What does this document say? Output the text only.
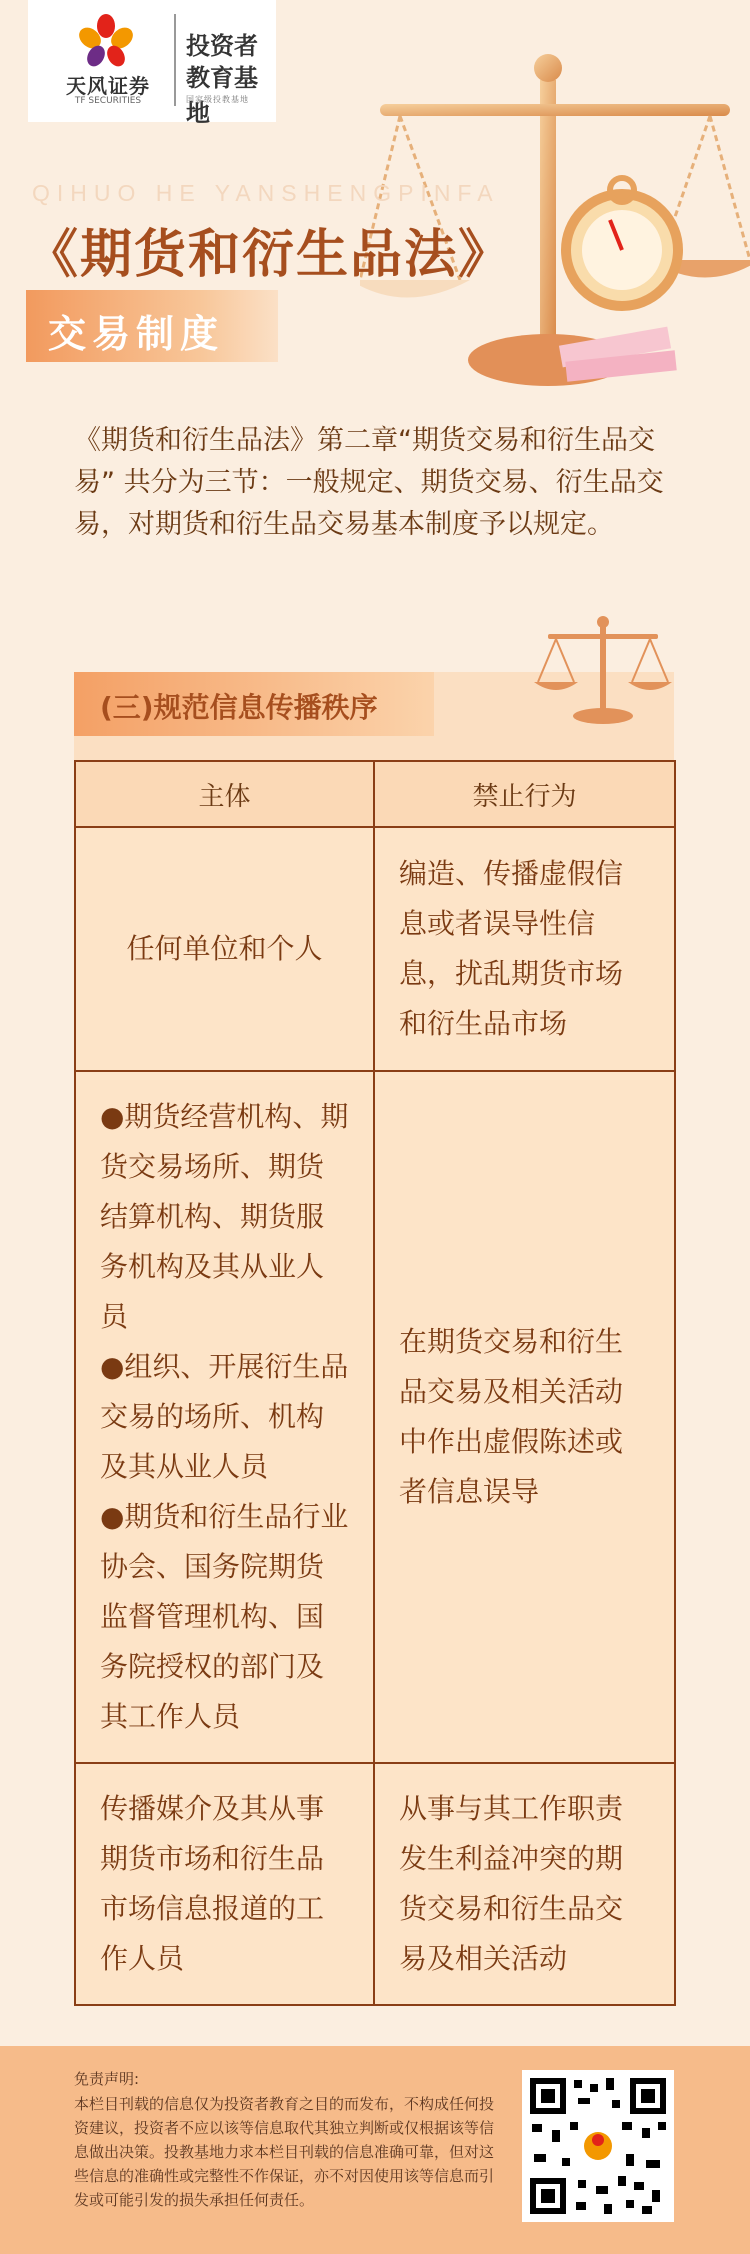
天风证券
TF SECURITIES
投资者
教育基地
国家级投教基地
QIHUO HE YANSHENGPINFA
《期货和衍生品法》
交易制度
《期货和衍生品法》第二章“期货交易和衍生品交易” 共分为三节：一般规定、期货交易、衍生品交易，对期货和衍生品交易基本制度予以规定。
(三)规范信息传播秩序
主体	禁止行为
任何单位和个人	编造、传播虚假信息或者误导性信息，扰乱期货市场和衍生品市场
●期货经营机构、期货交易场所、期货结算机构、期货服务机构及其从业人员
●组织、开展衍生品交易的场所、机构及其从业人员
●期货和衍生品行业协会、国务院期货监督管理机构、国务院授权的部门及其工作人员	在期货交易和衍生品交易及相关活动中作出虚假陈述或者信息误导
传播媒介及其从事期货市场和衍生品市场信息报道的工作人员	从事与其工作职责发生利益冲突的期货交易和衍生品交易及相关活动
免责声明:
本栏目刊载的信息仅为投资者教育之目的而发布，不构成任何投资建议，投资者不应以该等信息取代其独立判断或仅根据该等信息做出决策。投教基地力求本栏目刊载的信息准确可靠，但对这些信息的准确性或完整性不作保证，亦不对因使用该等信息而引发或可能引发的损失承担任何责任。
